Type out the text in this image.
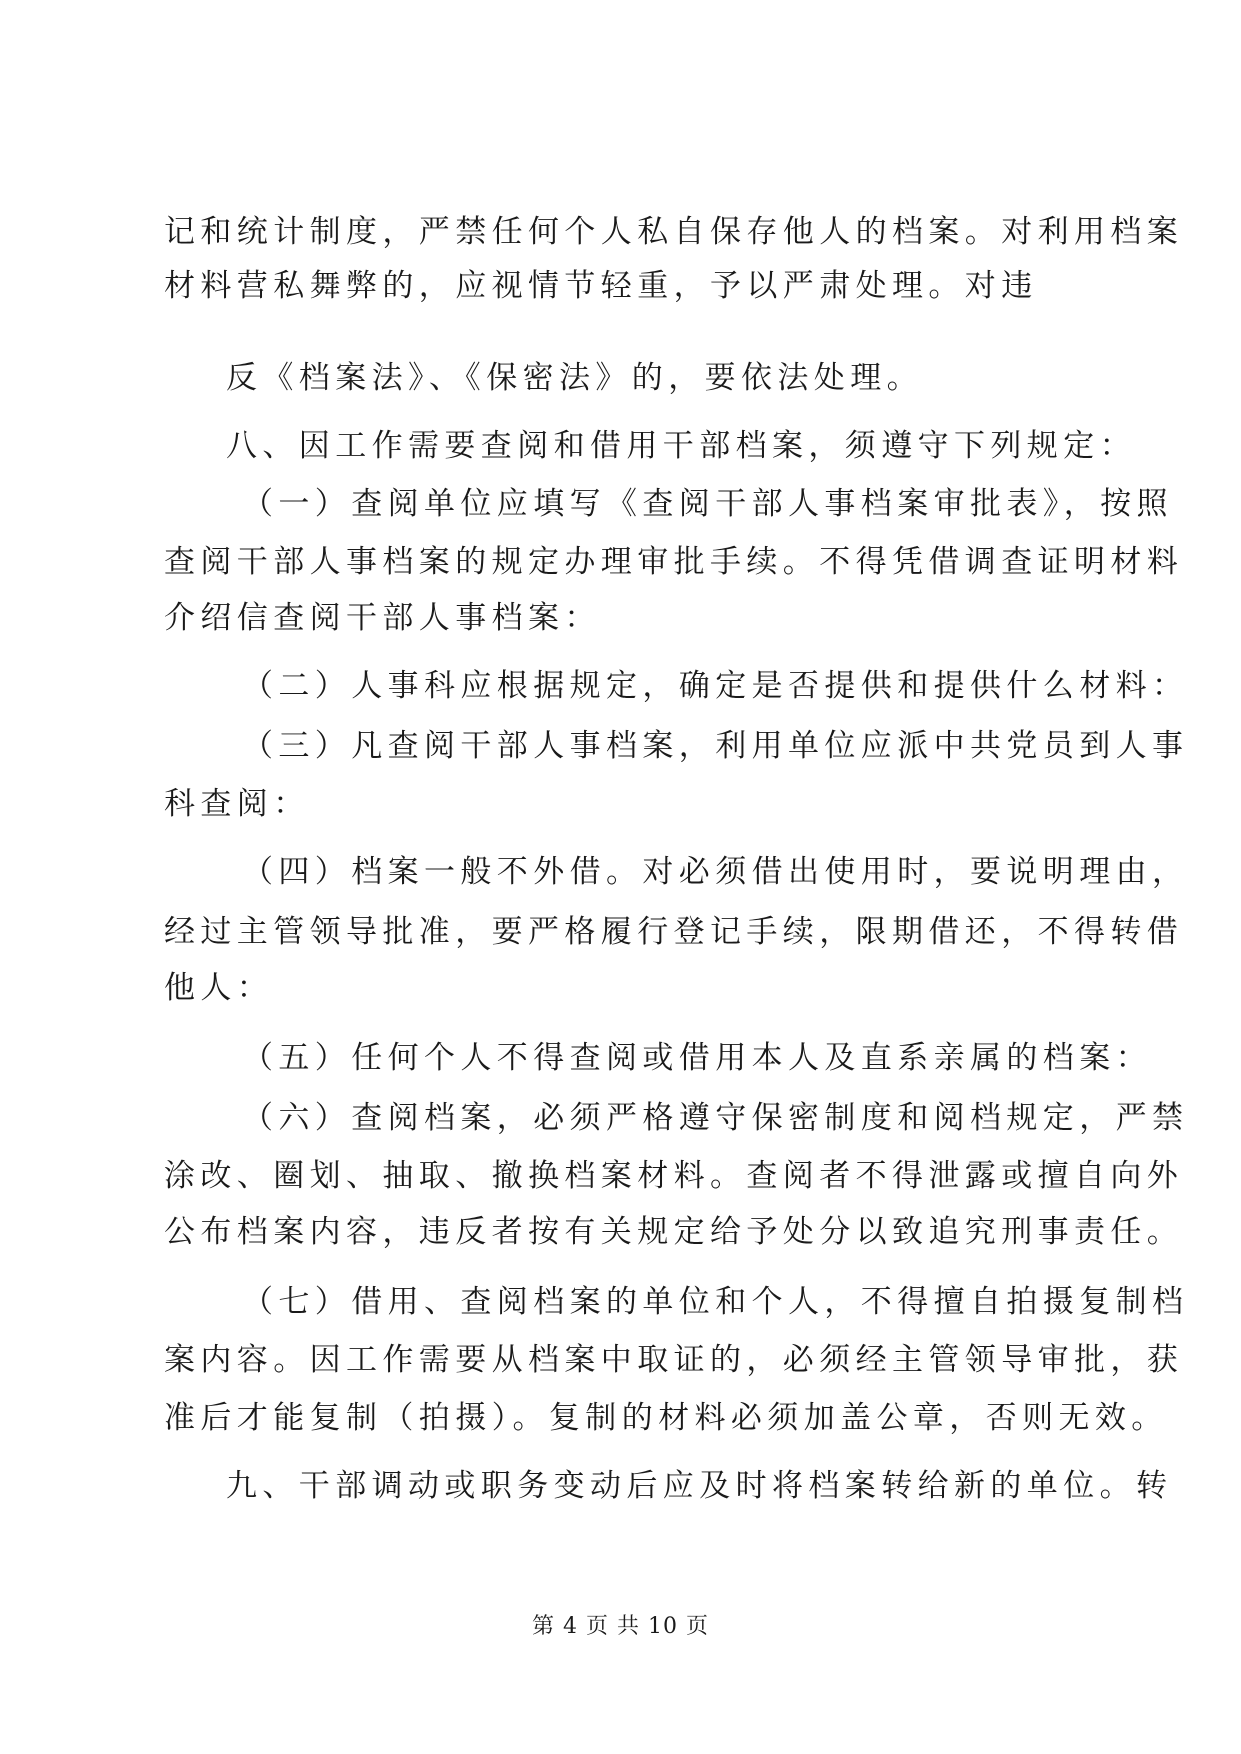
记和统计制度，严禁任何个人私自保存他人的档案。对利用档案
材料营私舞弊的，应视情节轻重，予以严肃处理。对违
反《档案法》、《保密法》的，要依法处理。
八、因工作需要查阅和借用干部档案，须遵守下列规定：
（一）查阅单位应填写《查阅干部人事档案审批表》，按照
查阅干部人事档案的规定办理审批手续。不得凭借调查证明材料
介绍信查阅干部人事档案：
（二）人事科应根据规定，确定是否提供和提供什么材料：
（三）凡查阅干部人事档案，利用单位应派中共党员到人事
科查阅：
（四）档案一般不外借。对必须借出使用时，要说明理由，
经过主管领导批准，要严格履行登记手续，限期借还，不得转借
他人：
（五）任何个人不得查阅或借用本人及直系亲属的档案：
（六）查阅档案，必须严格遵守保密制度和阅档规定，严禁
涂改、圈划、抽取、撤换档案材料。查阅者不得泄露或擅自向外
公布档案内容，违反者按有关规定给予处分以致追究刑事责任。
（七）借用、查阅档案的单位和个人，不得擅自拍摄复制档
案内容。因工作需要从档案中取证的，必须经主管领导审批，获
准后才能复制（拍摄）。复制的材料必须加盖公章，否则无效。
九、干部调动或职务变动后应及时将档案转给新的单位。转
第 4 页 共 10 页
